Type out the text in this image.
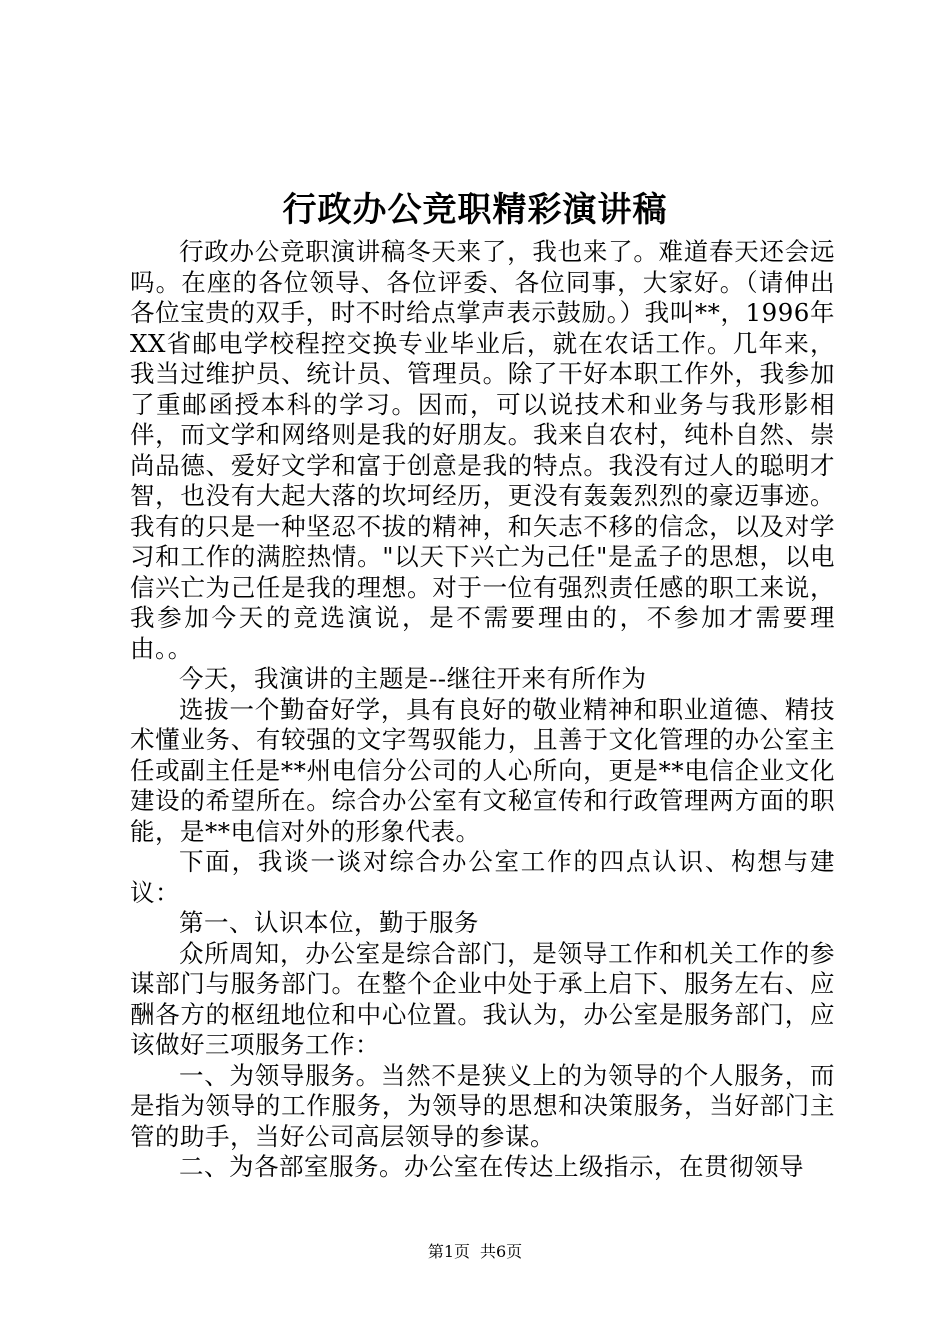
行政办公竞职精彩演讲稿

行政办公竞职演讲稿冬天来了，我也来了。难道春天还会远吗。在座的各位领导、各位评委、各位同事，大家好。（请伸出各位宝贵的双手，时不时给点掌声表示鼓励。）我叫**，1996年XX省邮电学校程控交换专业毕业后，就在农话工作。几年来，我当过维护员、统计员、管理员。除了干好本职工作外，我参加了重邮函授本科的学习。因而，可以说技术和业务与我形影相伴，而文学和网络则是我的好朋友。我来自农村，纯朴自然、崇尚品德、爱好文学和富于创意是我的特点。我没有过人的聪明才智，也没有大起大落的坎坷经历，更没有轰轰烈烈的豪迈事迹。我有的只是一种坚忍不拔的精神，和矢志不移的信念，以及对学习和工作的满腔热情。"以天下兴亡为己任"是孟子的思想，以电信兴亡为己任是我的理想。对于一位有强烈责任感的职工来说，我参加今天的竞选演说，是不需要理由的，不参加才需要理由。。

今天，我演讲的主题是--继往开来有所作为

选拔一个勤奋好学，具有良好的敬业精神和职业道德、精技术懂业务、有较强的文字驾驭能力，且善于文化管理的办公室主任或副主任是**州电信分公司的人心所向，更是**电信企业文化建设的希望所在。综合办公室有文秘宣传和行政管理两方面的职能，是**电信对外的形象代表。

下面，我谈一谈对综合办公室工作的四点认识、构想与建议：

第一、认识本位，勤于服务

众所周知，办公室是综合部门，是领导工作和机关工作的参谋部门与服务部门。在整个企业中处于承上启下、服务左右、应酬各方的枢纽地位和中心位置。我认为，办公室是服务部门，应该做好三项服务工作：

一、为领导服务。当然不是狭义上的为领导的个人服务，而是指为领导的工作服务，为领导的思想和决策服务，当好部门主管的助手，当好公司高层领导的参谋。

二、为各部室服务。办公室在传达上级指示，在贯彻领导

第1页 共6页
